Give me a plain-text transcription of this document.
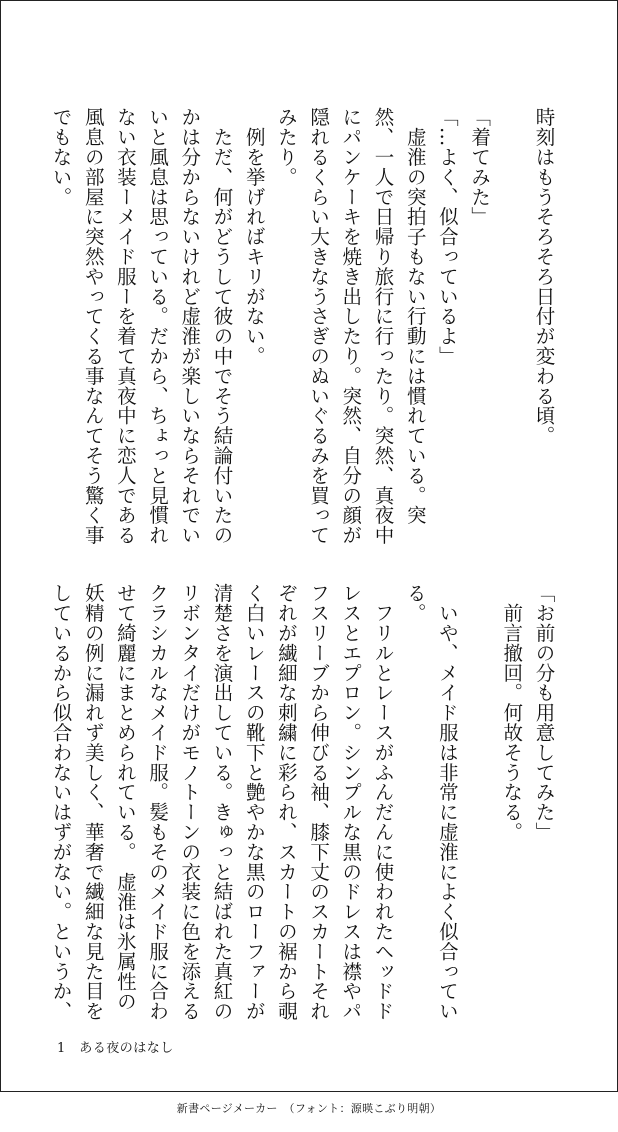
時刻はもうそろそろ日付が変わる頃。
「着てみた」
「…よく、似合っているよ」
　虚淮の突拍子もない行動には慣れている。突
然、一人で日帰り旅行に行ったり。突然、真夜中
にパンケーキを焼き出したり。突然、自分の顔が
隠れるくらい大きなうさぎのぬいぐるみを買って
みたり。
　例を挙げればキリがない。
　ただ、何がどうして彼の中でそう結論付いたの
かは分からないけれど虚淮が楽しいならそれでい
いと風息は思っている。だから、ちょっと見慣れ
ない衣装ーメイド服ーを着て真夜中に恋人である
風息の部屋に突然やってくる事なんてそう驚く事
でもない。
「お前の分も用意してみた」
　前言撤回。何故そうなる。
　いや、メイド服は非常に虚淮によく似合ってい
る。
　フリルとレースがふんだんに使われたヘッドド
レスとエプロン。シンプルな黒のドレスは襟やパ
フスリーブから伸びる袖、膝下丈のスカートそれ
ぞれが繊細な刺繍に彩られ、スカートの裾から覗
く白いレースの靴下と艶やかな黒のローファーが
清楚さを演出している。きゅっと結ばれた真紅の
リボンタイだけがモノトーンの衣装に色を添える
クラシカルなメイド服。髪もそのメイド服に合わ
せて綺麗にまとめられている。　虚淮は氷属性の
妖精の例に漏れず美しく、華奢で繊細な見た目を
しているから似合わないはずがない。というか、
1　ある夜のはなし
新書ページメーカー　（フォント：源暎こぶり明朝）
